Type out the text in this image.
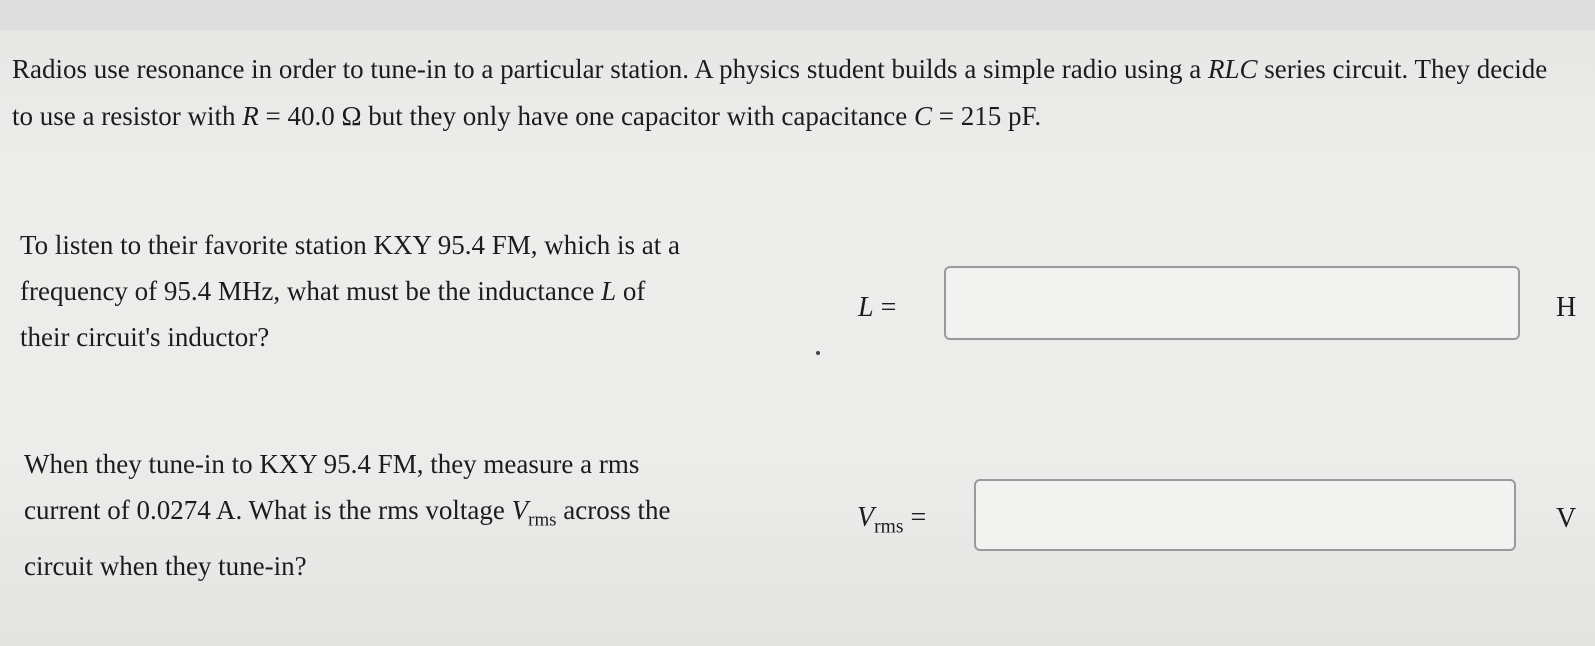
Radios use resonance in order to tune-in to a particular station. A physics student builds a simple radio using a RLC series circuit. They decide to use a resistor with R = 40.0 Ω but they only have one capacitor with capacitance C = 215 pF.
To listen to their favorite station KXY 95.4 FM, which is at a
frequency of 95.4 MHz, what must be the inductance L of
their circuit's inductor?
L =	H
When they tune-in to KXY 95.4 FM, they measure a rms
current of 0.0274 A. What is the rms voltage $V_{rms}$ across the
circuit when they tune-in?
$V_{rms}$ =	V
